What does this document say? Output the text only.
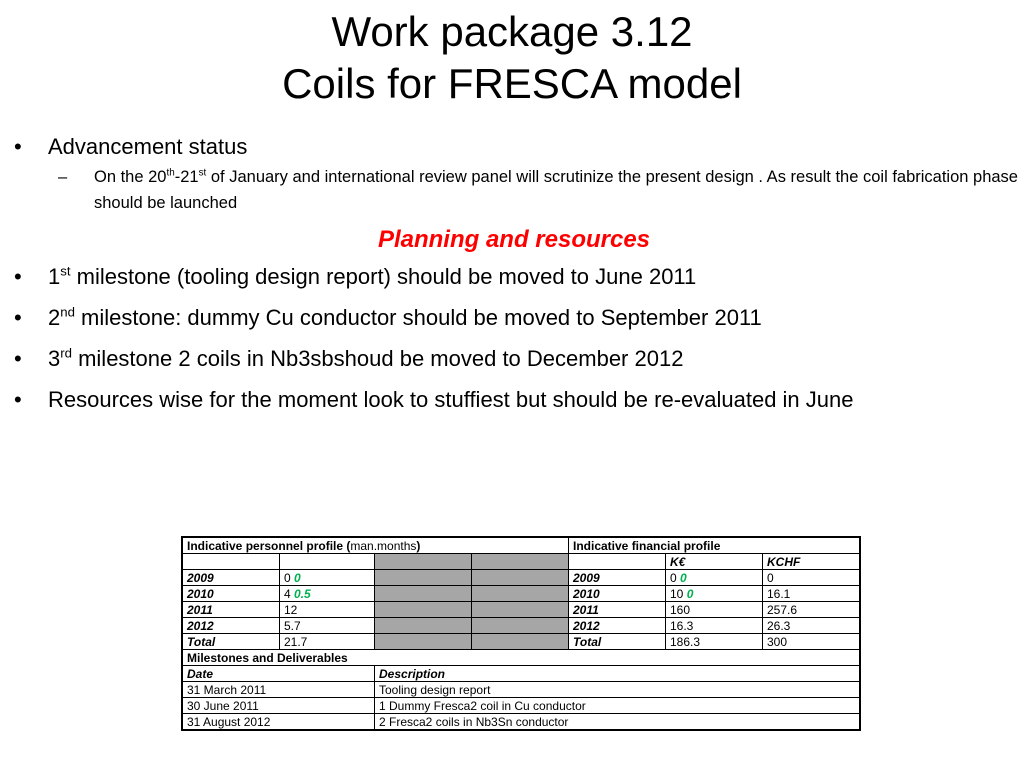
Work package 3.12
Coils for FRESCA model
•	Advancement status
–	On the 20th-21st of January and international review panel will scrutinize the present design . As result the coil fabrication phase should be launched
Planning and resources
•	1st milestone (tooling design report) should be moved to June 2011
•	2nd milestone: dummy Cu conductor should be moved to September 2011
•	3rd milestone 2 coils in Nb3sbshoud be moved to December 2012
•	Resources wise for the moment look to stuffiest but should be re-evaluated in June
Indicative personnel profile (man.months)				Indicative financial profile		
					K€	KCHF
2009	0 0			2009	0 0	0
2010	4 0.5			2010	10 0	16.1
2011	12			2011	160	257.6
2012	5.7			2012	16.3	26.3
Total	21.7			Total	186.3	300
Milestones and Deliverables						
Date		Description				
31 March 2011		Tooling design report				
30 June 2011		1 Dummy Fresca2 coil in Cu conductor				
31 August 2012		2 Fresca2 coils in Nb3Sn conductor				
